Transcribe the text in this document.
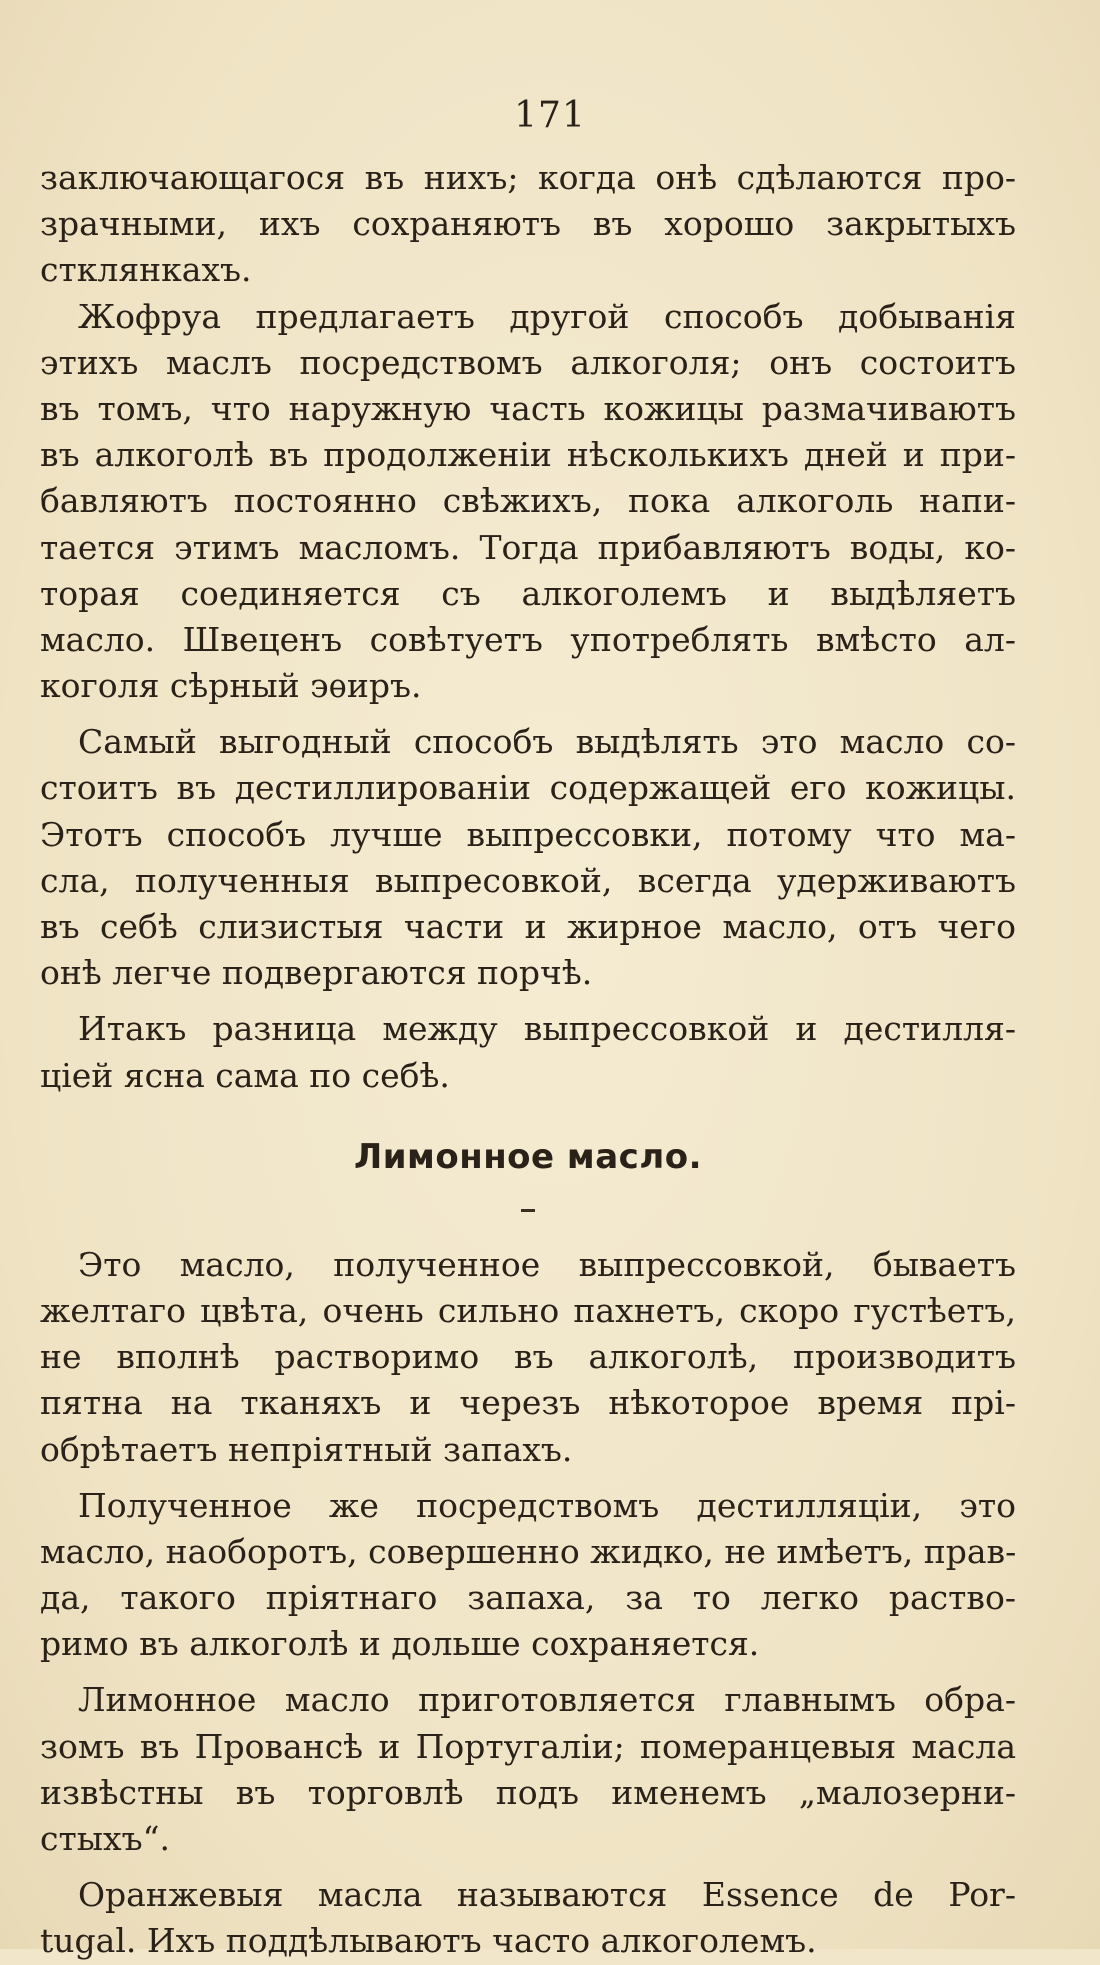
171
заключающагося въ нихъ; когда онѣ сдѣлаются про-
зрачными, ихъ сохраняютъ въ хорошо закрытыхъ
стклянкахъ.
Жофруа предлагаетъ другой способъ добыванія
этихъ маслъ посредствомъ алкоголя; онъ состоитъ
въ томъ, что наружную часть кожицы размачиваютъ
въ алкоголѣ въ продолженіи нѣсколькихъ дней и при-
бавляютъ постоянно свѣжихъ, пока алкоголь напи-
тается этимъ масломъ. Тогда прибавляютъ воды, ко-
торая соединяется съ алкоголемъ и выдѣляетъ
масло. Швеценъ совѣтуетъ употреблять вмѣсто ал-
коголя сѣрный эѳиръ.
Самый выгодный способъ выдѣлять это масло со-
стоитъ въ дестиллированіи содержащей его кожицы.
Этотъ способъ лучше выпрессовки, потому что ма-
сла, полученныя выпресовкой, всегда удерживаютъ
въ себѣ слизистыя части и жирное масло, отъ чего
онѣ легче подвергаются порчѣ.
Итакъ разница между выпрессовкой и дестилля-
ціей ясна сама по себѣ.
Лимонное масло.
Это масло, полученное выпрессовкой, бываетъ
желтаго цвѣта, очень сильно пахнетъ, скоро густѣетъ,
не вполнѣ растворимо въ алкоголѣ, производитъ
пятна на тканяхъ и черезъ нѣкоторое время прі-
обрѣтаетъ непріятный запахъ.
Полученное же посредствомъ дестилляціи, это
масло, наоборотъ, совершенно жидко, не имѣетъ, прав-
да, такого пріятнаго запаха, за то легко раство-
римо въ алкоголѣ и дольше сохраняется.
Лимонное масло приготовляется главнымъ обра-
зомъ въ Провансѣ и Португаліи; померанцевыя масла
извѣстны въ торговлѣ подъ именемъ „малозерни-
стыхъ“.
Оранжевыя масла называются Essence de Por-
tugal. Ихъ поддѣлываютъ часто алкоголемъ.
